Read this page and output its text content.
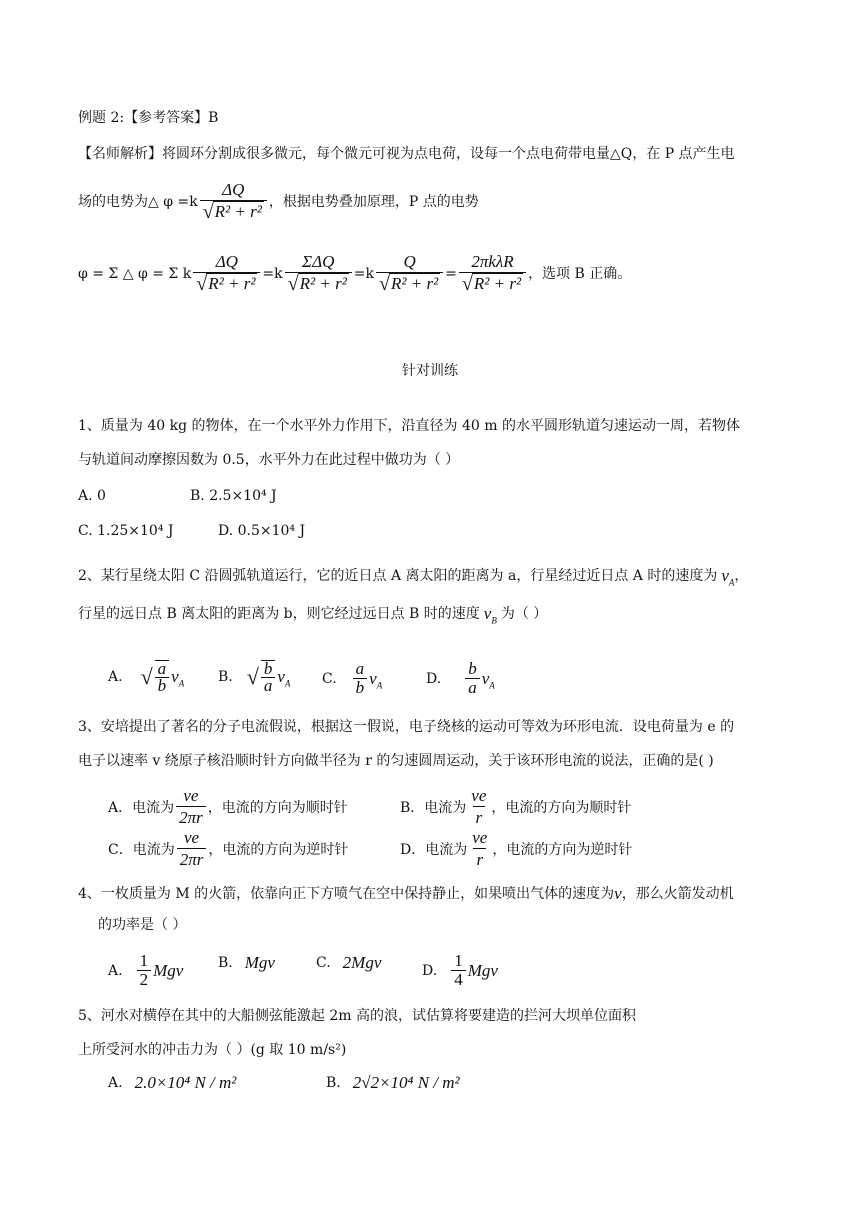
例题 2:【参考答案】B
【名师解析】将圆环分割成很多微元，每个微元可视为点电荷，设每一个点电荷带电量△Q，在 P 点产生电
场的电势为△ $\varphi =k \frac{\Delta Q}{\text{√ R² + r²}}$ ，根据电势叠加原理，P 点的电势
φ = Σ △ φ = Σ k $\frac{\Delta Q}{\text{√ R² + r²}} =k \frac{\text{ΣΔQ}}{\text{√ R² + r²}} =k \frac{Q}{\text{√ R² + r²}} = \frac{\text{2πkλR}}{\text{√ R² + r²}}$ ，选项 B 正确。
针对训练
1、质量为 40 kg 的物体，在一个水平外力作用下，沿直径为 40 m 的水平圆形轨道匀速运动一周，若物体
与轨道间动摩擦因数为 0.5，水平外力在此过程中做功为（ ）
A. 0	B. 2.5×10⁴ J
C. 1.25×10⁴ J	D. 0.5×10⁴ J
2、某行星绕太阳 C 沿圆弧轨道运行，它的近日点 A 离太阳的距离为 a，行星经过近日点 A 时的速度为 $v_A$ ，
行星的远日点 B 离太阳的距离为 b，则它经过远日点 B 时的速度 $v_B$ 为（ ）
A. √ $\frac{a}{b} v_A$ B. √ $\frac{b}{a} v_A$ C. $\frac{a}{b} v_A$	D. $\frac{b}{a} v_A$
3、安培提出了著名的分子电流假说，根据这一假说，电子绕核的运动可等效为环形电流．设电荷量为 e 的
电子以速率 v 绕原子核沿顺时针方向做半径为 r 的匀速圆周运动，关于该环形电流的说法，正确的是( )
A．电流为 $\frac{ve}{2\pi r}$ ，电流的方向为顺时针	B．电流为 $\frac{ve}{r}$ ，电流的方向为顺时针
C．电流为 $\frac{ve}{2\pi r}$ ，电流的方向为逆时针	D．电流为 $\frac{ve}{r}$ ，电流的方向为逆时针
4、一枚质量为 M 的火箭，依靠向正下方喷气在空中保持静止，如果喷出气体的速度为 v ，那么火箭发动机
的功率是（ ）
A. $\frac{1}{2}$ Mgv B. Mgv	C. 2Mgv	D. $\frac{1}{4}$ Mgv
5、河水对横停在其中的大船侧弦能激起 2m 高的浪，试估算将要建造的拦河大坝单位面积
上所受河水的冲击力为（ ）(g 取 10 m/s²)
A. 2.0×10⁴ N / m²	B. 2√2×10⁴ N / m²
